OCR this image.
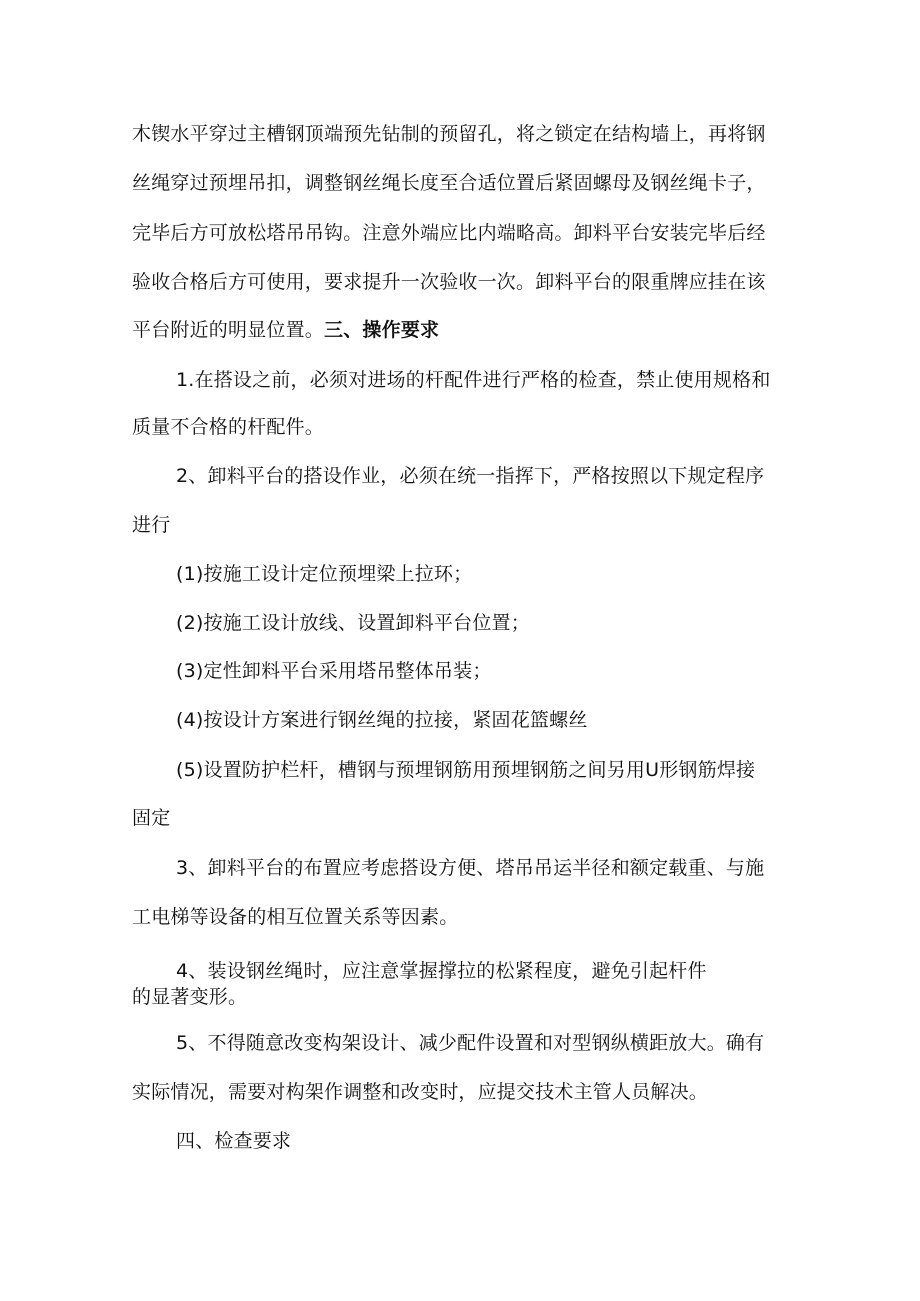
木锲水平穿过主槽钢顶端预先钻制的预留孔，将之锁定在结构墙上，再将钢
丝绳穿过预埋吊扣，调整钢丝绳长度至合适位置后紧固螺母及钢丝绳卡子，
完毕后方可放松塔吊吊钩。注意外端应比内端略高。卸料平台安装完毕后经
验收合格后方可使用，要求提升一次验收一次。卸料平台的限重牌应挂在该
平台附近的明显位置。三、操作要求
1.在搭设之前，必须对进场的杆配件进行严格的检查，禁止使用规格和
质量不合格的杆配件。
2、卸料平台的搭设作业，必须在统一指挥下，严格按照以下规定程序
进行
(1)按施工设计定位预埋梁上拉环；
(2)按施工设计放线、设置卸料平台位置；
(3)定性卸料平台采用塔吊整体吊装；
(4)按设计方案进行钢丝绳的拉接，紧固花篮螺丝
(5)设置防护栏杆，槽钢与预埋钢筋用预埋钢筋之间另用U形钢筋焊接
固定
3、卸料平台的布置应考虑搭设方便、塔吊吊运半径和额定载重、与施
工电梯等设备的相互位置关系等因素。
4、装设钢丝绳时，应注意掌握撑拉的松紧程度，避免引起杆件
的显著变形。
5、不得随意改变构架设计、减少配件设置和对型钢纵横距放大。确有
实际情况，需要对构架作调整和改变时，应提交技术主管人员解决。
四、检查要求
